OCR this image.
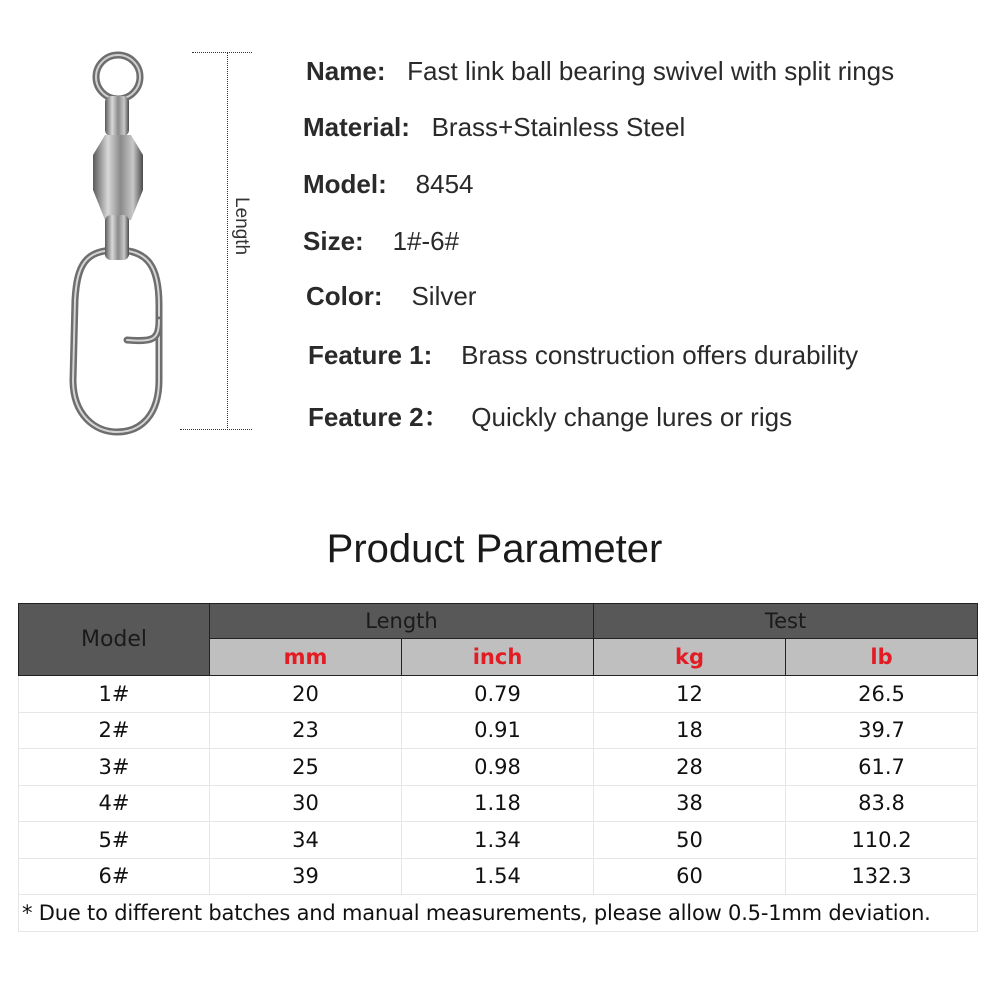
Length
Name: Fast link ball bearing swivel with split rings
Material: Brass+Stainless Steel
Model: 8454
Size: 1#-6#
Color: Silver
Feature 1: Brass construction offers durability
Feature 2： Quickly change lures or rigs
Product Parameter
Model	Length		Test	
	mm	inch	kg	lb
1#	20	0.79	12	26.5
2#	23	0.91	18	39.7
3#	25	0.98	28	61.7
4#	30	1.18	38	83.8
5#	34	1.34	50	110.2
6#	39	1.54	60	132.3
* Due to different batches and manual measurements, please allow 0.5-1mm deviation.				
